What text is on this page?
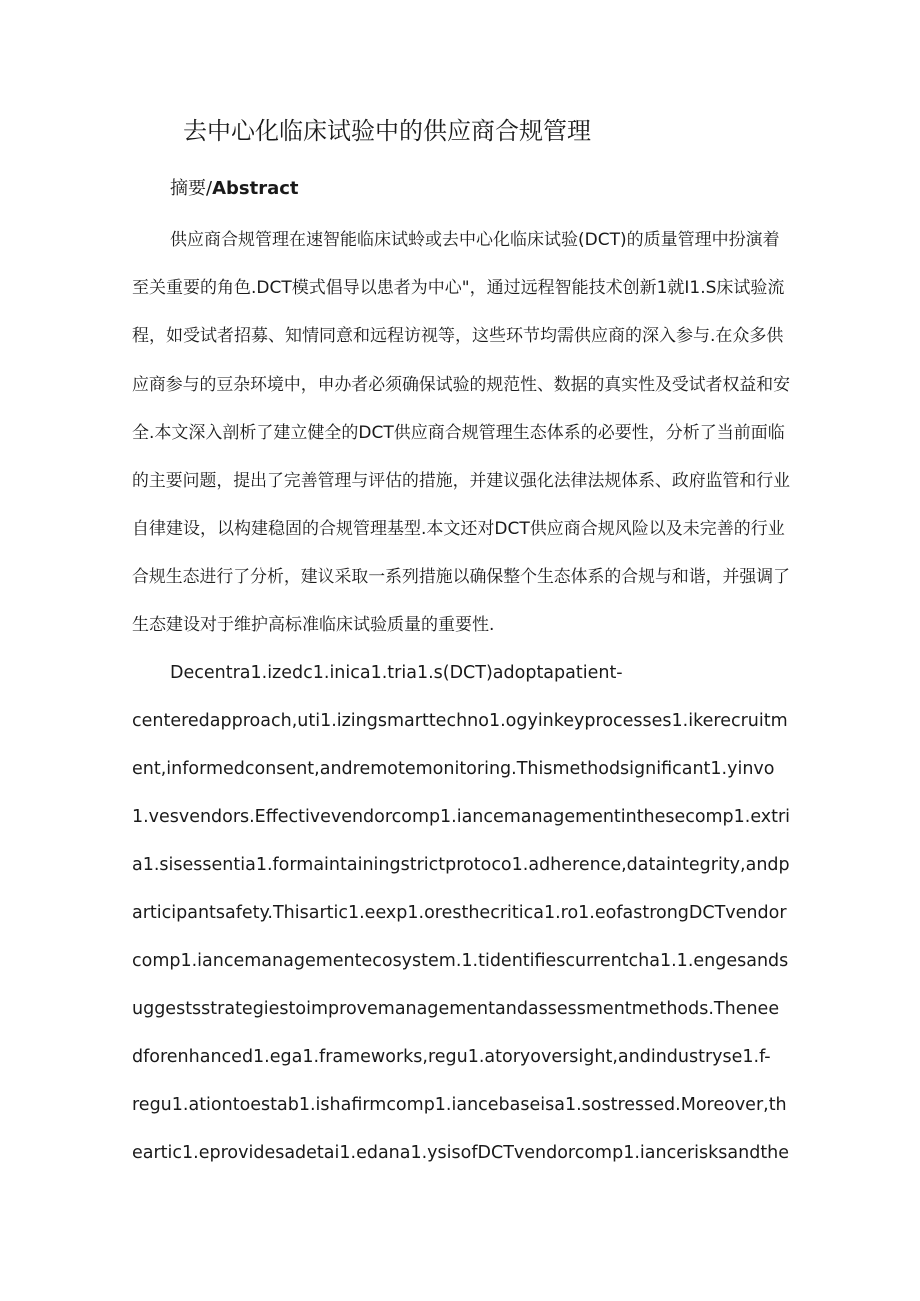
去中心化临床试验中的供应商合规管理
摘要/Abstract
供应商合规管理在速智能临床试蛉或去中心化临床试验(DCT)的质量管理中扮演着
至关重要的角色.DCT模式倡导以患者为中心"，通过远程智能技术创新1就I1.S床试验流
程，如受试者招募、知情同意和远程访视等，这些环节均需供应商的深入参与.在众多供
应商参与的豆杂环境中，申办者必须确保试验的规范性、数据的真实性及受试者权益和安
全.本文深入剖析了建立健全的DCT供应商合规管理生态体系的必要性，分析了当前面临
的主要问题，提出了完善管理与评估的措施，并建议强化法律法规体系、政府监管和行业
自律建设，以构建稳固的合规管理基型.本文还对DCT供应商合规风险以及未完善的行业
合规生态进行了分析，建议采取一系列措施以确保整个生态体系的合规与和谐，并强调了
生态建设对于维护高标准临床试验质量的重要性.
Decentra1.izedc1.inica1.tria1.s(DCT)adoptapatient-
centeredapproach,uti1.izingsmarttechno1.ogyinkeyprocesses1.ikerecruitm
ent,informedconsent,andremotemonitoring.Thismethodsignificant1.yinvo
1.vesvendors.Effectivevendorcomp1.iancemanagementinthesecomp1.extri
a1.sisessentia1.formaintainingstrictprotoco1.adherence,dataintegrity,andp
articipantsafety.Thisartic1.eexp1.oresthecritica1.ro1.eofastrongDCTvendor
comp1.iancemanagementecosystem.1.tidentifiescurrentcha1.1.engesands
uggestsstrategiestoimprovemanagementandassessmentmethods.Theneе
dforenhanced1.ega1.frameworks,regu1.atoryoversight,andindustryse1.f-
regu1.ationtoestab1.ishafirmcomp1.iancebaseisa1.sostressed.Moreover,th
eartic1.eprovidesadetai1.edana1.ysisofDCTvendorcomp1.iancerisksandthe
